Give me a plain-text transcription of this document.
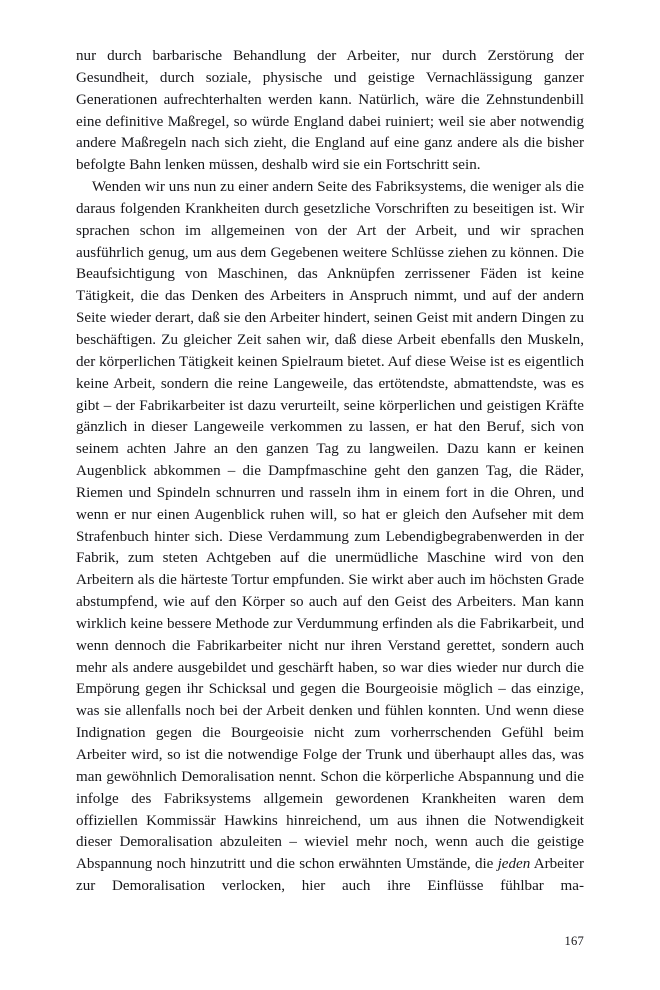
nur durch barbarische Behandlung der Arbeiter, nur durch Zerstörung der Gesundheit, durch soziale, physische und geistige Vernachlässigung ganzer Generationen aufrechterhalten werden kann. Natürlich, wäre die Zehnstundenbill eine definitive Maßregel, so würde England dabei ruiniert; weil sie aber notwendig andere Maßregeln nach sich zieht, die England auf eine ganz andere als die bisher befolgte Bahn lenken müssen, deshalb wird sie ein Fortschritt sein.

Wenden wir uns nun zu einer andern Seite des Fabriksystems, die weniger als die daraus folgenden Krankheiten durch gesetzliche Vorschriften zu beseitigen ist. Wir sprachen schon im allgemeinen von der Art der Arbeit, und wir sprachen ausführlich genug, um aus dem Gegebenen weitere Schlüsse ziehen zu können. Die Beaufsichtigung von Maschinen, das Anknüpfen zerrissener Fäden ist keine Tätigkeit, die das Denken des Arbeiters in Anspruch nimmt, und auf der andern Seite wieder derart, daß sie den Arbeiter hindert, seinen Geist mit andern Dingen zu beschäftigen. Zu gleicher Zeit sahen wir, daß diese Arbeit ebenfalls den Muskeln, der körperlichen Tätigkeit keinen Spielraum bietet. Auf diese Weise ist es eigentlich keine Arbeit, sondern die reine Langeweile, das ertötendste, abmattendste, was es gibt – der Fabrikarbeiter ist dazu verurteilt, seine körperlichen und geistigen Kräfte gänzlich in dieser Langeweile verkommen zu lassen, er hat den Beruf, sich von seinem achten Jahre an den ganzen Tag zu langweilen. Dazu kann er keinen Augenblick abkommen – die Dampfmaschine geht den ganzen Tag, die Räder, Riemen und Spindeln schnurren und rasseln ihm in einem fort in die Ohren, und wenn er nur einen Augenblick ruhen will, so hat er gleich den Aufseher mit dem Strafenbuch hinter sich. Diese Verdammung zum Lebendigbegrabenwerden in der Fabrik, zum steten Achtgeben auf die unermüdliche Maschine wird von den Arbeitern als die härteste Tortur empfunden. Sie wirkt aber auch im höchsten Grade abstumpfend, wie auf den Körper so auch auf den Geist des Arbeiters. Man kann wirklich keine bessere Methode zur Verdummung erfinden als die Fabrikarbeit, und wenn dennoch die Fabrikarbeiter nicht nur ihren Verstand gerettet, sondern auch mehr als andere ausgebildet und geschärft haben, so war dies wieder nur durch die Empörung gegen ihr Schicksal und gegen die Bourgeoisie möglich – das einzige, was sie allenfalls noch bei der Arbeit denken und fühlen konnten. Und wenn diese Indignation gegen die Bourgeoisie nicht zum vorherrschenden Gefühl beim Arbeiter wird, so ist die notwendige Folge der Trunk und überhaupt alles das, was man gewöhnlich Demoralisation nennt. Schon die körperliche Abspannung und die infolge des Fabriksystems allgemein gewordenen Krankheiten waren dem offiziellen Kommissär Hawkins hinreichend, um aus ihnen die Notwendigkeit dieser Demoralisation abzuleiten – wieviel mehr noch, wenn auch die geistige Abspannung noch hinzutritt und die schon erwähnten Umstände, die jeden Arbeiter zur Demoralisation verlocken, hier auch ihre Einflüsse fühlbar ma-

167
